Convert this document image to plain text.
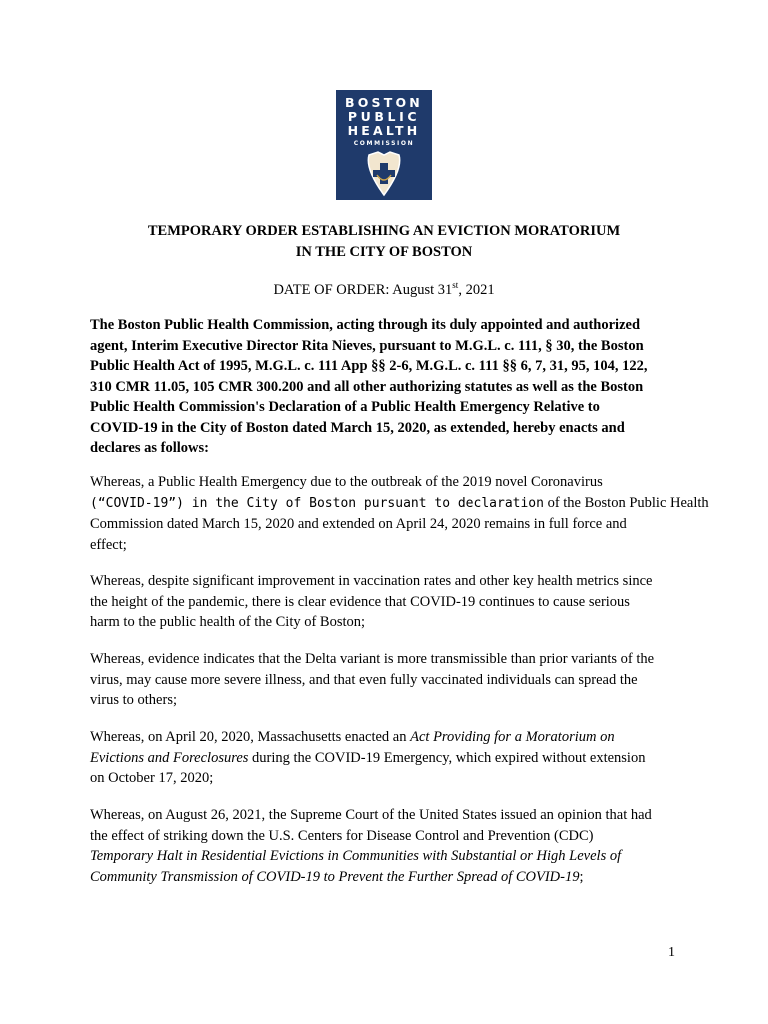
BOSTON
PUBLIC
HEALTH
COMMISSION
TEMPORARY ORDER ESTABLISHING AN EVICTION MORATORIUM
IN THE CITY OF BOSTON
DATE OF ORDER: August 31st, 2021
The Boston Public Health Commission, acting through its duly appointed and authorized
agent, Interim Executive Director Rita Nieves, pursuant to M.G.L. c. 111, § 30, the Boston
Public Health Act of 1995, M.G.L. c. 111 App §§ 2-6, M.G.L. c. 111 §§ 6, 7, 31, 95, 104, 122,
310 CMR 11.05, 105 CMR 300.200 and all other authorizing statutes as well as the Boston
Public Health Commission's Declaration of a Public Health Emergency Relative to
COVID-19 in the City of Boston dated March 15, 2020, as extended, hereby enacts and
declares as follows:
Whereas, a Public Health Emergency due to the outbreak of the 2019 novel Coronavirus
(“COVID-19”) in the City of Boston pursuant to declaration of the Boston Public Health
Commission dated March 15, 2020 and extended on April 24, 2020 remains in full force and
effect;
Whereas, despite significant improvement in vaccination rates and other key health metrics since
the height of the pandemic, there is clear evidence that COVID-19 continues to cause serious
harm to the public health of the City of Boston;
Whereas, evidence indicates that the Delta variant is more transmissible than prior variants of the
virus, may cause more severe illness, and that even fully vaccinated individuals can spread the
virus to others;
Whereas, on April 20, 2020, Massachusetts enacted an Act Providing for a Moratorium on
Evictions and Foreclosures during the COVID-19 Emergency, which expired without extension
on October 17, 2020;
Whereas, on August 26, 2021, the Supreme Court of the United States issued an opinion that had
the effect of striking down the U.S. Centers for Disease Control and Prevention (CDC)
Temporary Halt in Residential Evictions in Communities with Substantial or High Levels of
Community Transmission of COVID-19 to Prevent the Further Spread of COVID-19;
1
